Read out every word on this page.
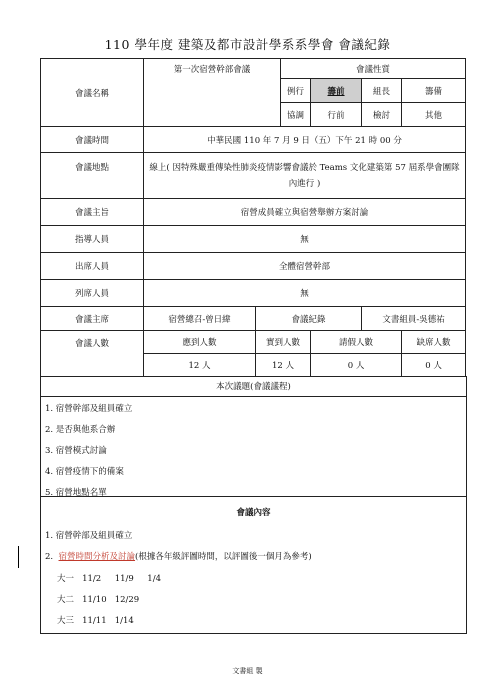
110 學年度 建築及都市設計學系系學會 會議紀錄
會議名稱	第一次宿營幹部會議		會議性質			
			例行	籌前	組長	籌備
			協調	行前	檢討	其他
會議時間	中華民國 110 年 7 月 9 日（五）下午 21 時 00 分					
會議地點	線上( 因特殊嚴重傳染性肺炎疫情影響會議於 Teams 文化建築第 57 屆系學會團隊內進行 )					
會議主旨	宿營成員確立與宿營舉辦方案討論					
指導人員	無					
出席人員	全體宿營幹部					
列席人員	無					
會議主席	宿營總召-曾日緯	會議紀錄			文書組員-吳德祐	
會議人數	應到人數	實到人數		請假人數		缺席人數
	12 人	12 人		0 人		0 人
本次議題(會議議程)
1. 宿營幹部及組員確立
2. 是否與他系合辦
3. 宿營模式討論
4. 宿營疫情下的備案
5. 宿營地點名單
會議內容
1. 宿營幹部及組員確立
2. 宿營時間分析及討論(根據各年級評圖時間，以評圖後一個月為參考)
大一   11/2     11/9     1/4
大二   11/10   12/29
大三   11/11   1/14
文書組 製
